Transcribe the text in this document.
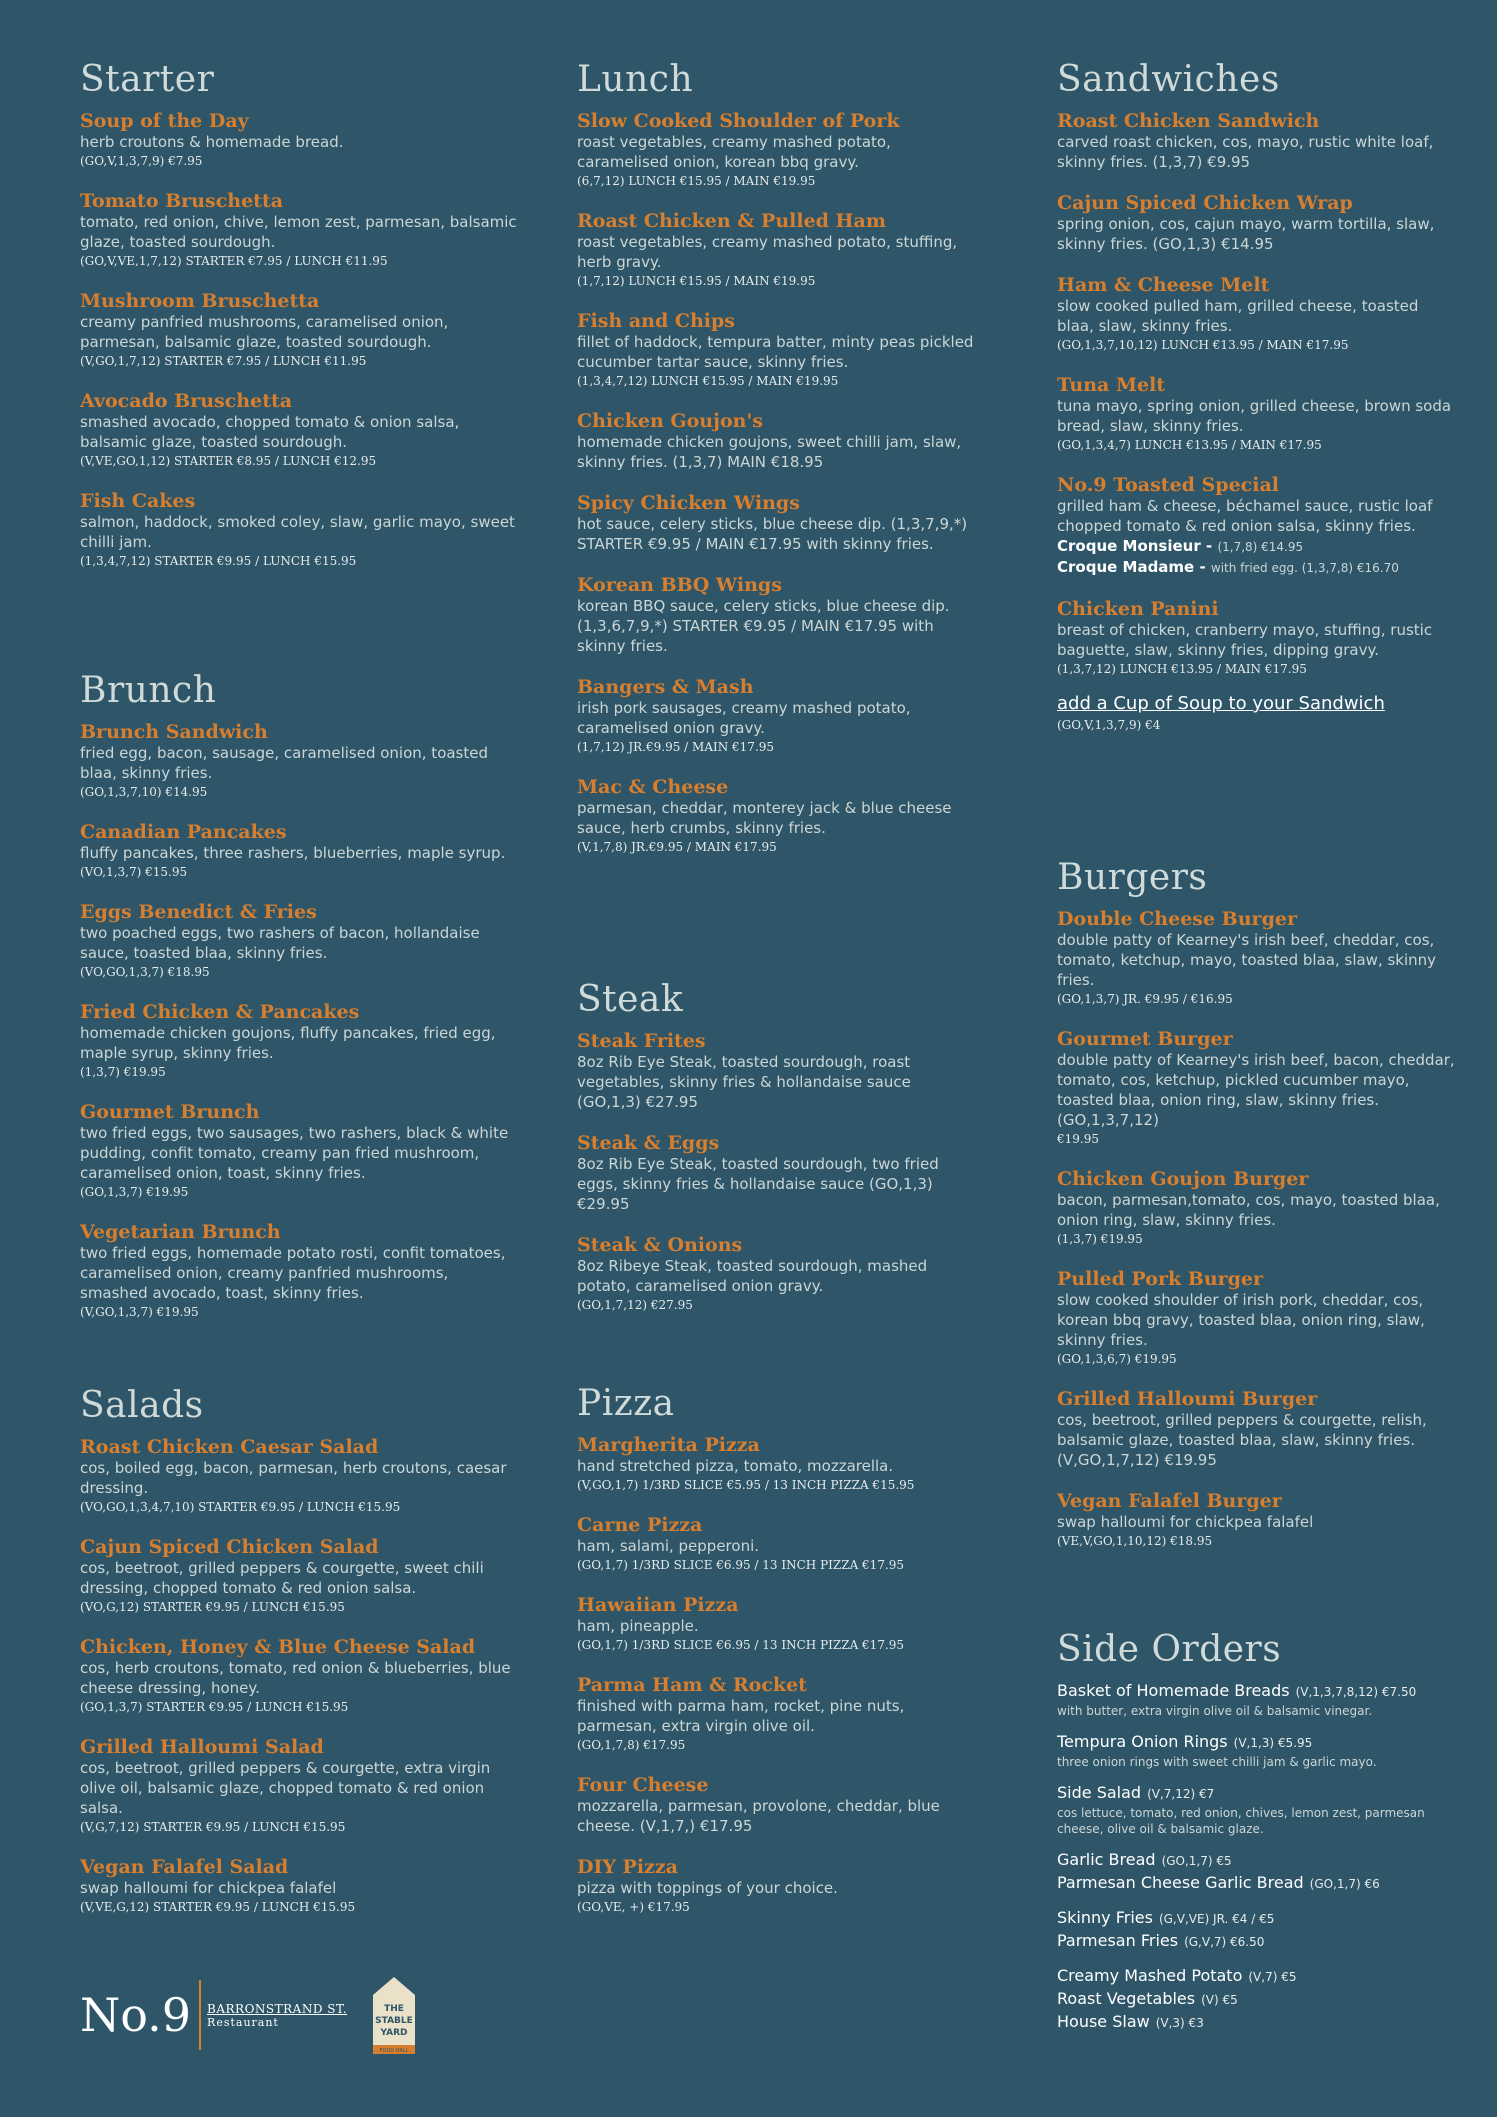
Starter
Soup of the Day
herb croutons & homemade bread.
(GO,V,1,3,7,9) €7.95
Tomato Bruschetta
tomato, red onion, chive, lemon zest, parmesan, balsamic glaze, toasted sourdough.
(GO,V,VE,1,7,12) STARTER €7.95 / LUNCH €11.95
Mushroom Bruschetta
creamy panfried mushrooms, caramelised onion, parmesan, balsamic glaze, toasted sourdough.
(V,GO,1,7,12) STARTER €7.95 / LUNCH €11.95
Avocado Bruschetta
smashed avocado, chopped tomato & onion salsa, balsamic glaze, toasted sourdough.
(V,VE,GO,1,12) STARTER €8.95 / LUNCH €12.95
Fish Cakes
salmon, haddock, smoked coley, slaw, garlic mayo, sweet chilli jam.
(1,3,4,7,12) STARTER €9.95 / LUNCH €15.95
Brunch
Brunch Sandwich
fried egg, bacon, sausage, caramelised onion, toasted blaa, skinny fries.
(GO,1,3,7,10) €14.95
Canadian Pancakes
fluffy pancakes, three rashers, blueberries, maple syrup.
(VO,1,3,7) €15.95
Eggs Benedict & Fries
two poached eggs, two rashers of bacon, hollandaise sauce, toasted blaa, skinny fries.
(VO,GO,1,3,7) €18.95
Fried Chicken & Pancakes
homemade chicken goujons, fluffy pancakes, fried egg, maple syrup, skinny fries.
(1,3,7) €19.95
Gourmet Brunch
two fried eggs, two sausages, two rashers, black & white pudding, confit tomato, creamy pan fried mushroom, caramelised onion, toast, skinny fries.
(GO,1,3,7) €19.95
Vegetarian Brunch
two fried eggs, homemade potato rosti, confit tomatoes, caramelised onion, creamy panfried mushrooms, smashed avocado, toast, skinny fries.
(V,GO,1,3,7) €19.95
Salads
Roast Chicken Caesar Salad
cos, boiled egg, bacon, parmesan, herb croutons, caesar dressing.
(VO,GO,1,3,4,7,10) STARTER €9.95 / LUNCH €15.95
Cajun Spiced Chicken Salad
cos, beetroot, grilled peppers & courgette, sweet chili dressing, chopped tomato & red onion salsa.
(VO,G,12) STARTER €9.95 / LUNCH €15.95
Chicken, Honey & Blue Cheese Salad
cos, herb croutons, tomato, red onion & blueberries, blue cheese dressing, honey.
(GO,1,3,7) STARTER €9.95 / LUNCH €15.95
Grilled Halloumi Salad
cos, beetroot, grilled peppers & courgette, extra virgin olive oil, balsamic glaze, chopped tomato & red onion salsa.
(V,G,7,12) STARTER €9.95 / LUNCH €15.95
Vegan Falafel Salad
swap halloumi for chickpea falafel
(V,VE,G,12) STARTER €9.95 / LUNCH €15.95
Lunch
Slow Cooked Shoulder of Pork
roast vegetables, creamy mashed potato, caramelised onion, korean bbq gravy.
(6,7,12) LUNCH €15.95 / MAIN €19.95
Roast Chicken & Pulled Ham
roast vegetables, creamy mashed potato, stuffing, herb gravy.
(1,7,12) LUNCH €15.95 / MAIN €19.95
Fish and Chips
fillet of haddock, tempura batter, minty peas pickled cucumber tartar sauce, skinny fries.
(1,3,4,7,12) LUNCH €15.95 / MAIN €19.95
Chicken Goujon's
homemade chicken goujons, sweet chilli jam, slaw, skinny fries. (1,3,7) MAIN €18.95
Spicy Chicken Wings
hot sauce, celery sticks, blue cheese dip. (1,3,7,9,*) STARTER €9.95 / MAIN €17.95 with skinny fries.
Korean BBQ Wings
korean BBQ sauce, celery sticks, blue cheese dip. (1,3,6,7,9,*) STARTER €9.95 / MAIN €17.95 with skinny fries.
Bangers & Mash
irish pork sausages, creamy mashed potato, caramelised onion gravy.
(1,7,12) JR.€9.95 / MAIN €17.95
Mac & Cheese
parmesan, cheddar, monterey jack & blue cheese sauce, herb crumbs, skinny fries.
(V,1,7,8) JR.€9.95 / MAIN €17.95
Steak
Steak Frites
8oz Rib Eye Steak, toasted sourdough, roast vegetables, skinny fries & hollandaise sauce (GO,1,3) €27.95
Steak & Eggs
8oz Rib Eye Steak, toasted sourdough, two fried eggs, skinny fries & hollandaise sauce (GO,1,3) €29.95
Steak & Onions
8oz Ribeye Steak, toasted sourdough, mashed potato, caramelised onion gravy.
(GO,1,7,12) €27.95
Pizza
Margherita Pizza
hand stretched pizza, tomato, mozzarella.
(V,GO,1,7) 1/3RD SLICE €5.95 / 13 INCH PIZZA €15.95
Carne Pizza
ham, salami, pepperoni.
(GO,1,7) 1/3RD SLICE €6.95 / 13 INCH PIZZA €17.95
Hawaiian Pizza
ham, pineapple.
(GO,1,7) 1/3RD SLICE €6.95 / 13 INCH PIZZA €17.95
Parma Ham & Rocket
finished with parma ham, rocket, pine nuts, parmesan, extra virgin olive oil.
(GO,1,7,8) €17.95
Four Cheese
mozzarella, parmesan, provolone, cheddar, blue cheese. (V,1,7,) €17.95
DIY Pizza
pizza with toppings of your choice.
(GO,VE, +) €17.95
Sandwiches
Roast Chicken Sandwich
carved roast chicken, cos, mayo, rustic white loaf, skinny fries. (1,3,7) €9.95
Cajun Spiced Chicken Wrap
spring onion, cos, cajun mayo, warm tortilla, slaw, skinny fries. (GO,1,3) €14.95
Ham & Cheese Melt
slow cooked pulled ham, grilled cheese, toasted blaa, slaw, skinny fries.
(GO,1,3,7,10,12) LUNCH €13.95 / MAIN €17.95
Tuna Melt
tuna mayo, spring onion, grilled cheese, brown soda bread, slaw, skinny fries.
(GO,1,3,4,7) LUNCH €13.95 / MAIN €17.95
No.9 Toasted Special
grilled ham & cheese, béchamel sauce, rustic loaf chopped tomato & red onion salsa, skinny fries.
Croque Monsieur - (1,7,8) €14.95
Croque Madame - with fried egg. (1,3,7,8) €16.70
Chicken Panini
breast of chicken, cranberry mayo, stuffing, rustic baguette, slaw, skinny fries, dipping gravy.
(1,3,7,12) LUNCH €13.95 / MAIN €17.95
add a Cup of Soup to your Sandwich
(GO,V,1,3,7,9) €4
Burgers
Double Cheese Burger
double patty of Kearney's irish beef, cheddar, cos, tomato, ketchup, mayo, toasted blaa, slaw, skinny fries.
(GO,1,3,7) JR. €9.95 / €16.95
Gourmet Burger
double patty of Kearney's irish beef, bacon, cheddar, tomato, cos, ketchup, pickled cucumber mayo, toasted blaa, onion ring, slaw, skinny fries. (GO,1,3,7,12)
€19.95
Chicken Goujon Burger
bacon, parmesan,tomato, cos, mayo, toasted blaa, onion ring, slaw, skinny fries.
(1,3,7) €19.95
Pulled Pork Burger
slow cooked shoulder of irish pork, cheddar, cos, korean bbq gravy, toasted blaa, onion ring, slaw, skinny fries.
(GO,1,3,6,7) €19.95
Grilled Halloumi Burger
cos, beetroot, grilled peppers & courgette, relish, balsamic glaze, toasted blaa, slaw, skinny fries. (V,GO,1,7,12) €19.95
Vegan Falafel Burger
swap halloumi for chickpea falafel
(VE,V,GO,1,10,12) €18.95
Side Orders
Basket of Homemade Breads (V,1,3,7,8,12) €7.50
with butter, extra virgin olive oil & balsamic vinegar.
Tempura Onion Rings (V,1,3) €5.95
three onion rings with sweet chilli jam & garlic mayo.
Side Salad (V,7,12) €7
cos lettuce, tomato, red onion, chives, lemon zest, parmesan cheese, olive oil & balsamic glaze.
Garlic Bread (GO,1,7) €5
Parmesan Cheese Garlic Bread (GO,1,7) €6
Skinny Fries (G,V,VE) JR. €4 / €5
Parmesan Fries (G,V,7) €6.50
Creamy Mashed Potato (V,7) €5
Roast Vegetables (V) €5
House Slaw (V,3) €3
No.9 BARRONSTRAND ST.
Restaurant
THE
STABLE
YARD
FOOD HALL
